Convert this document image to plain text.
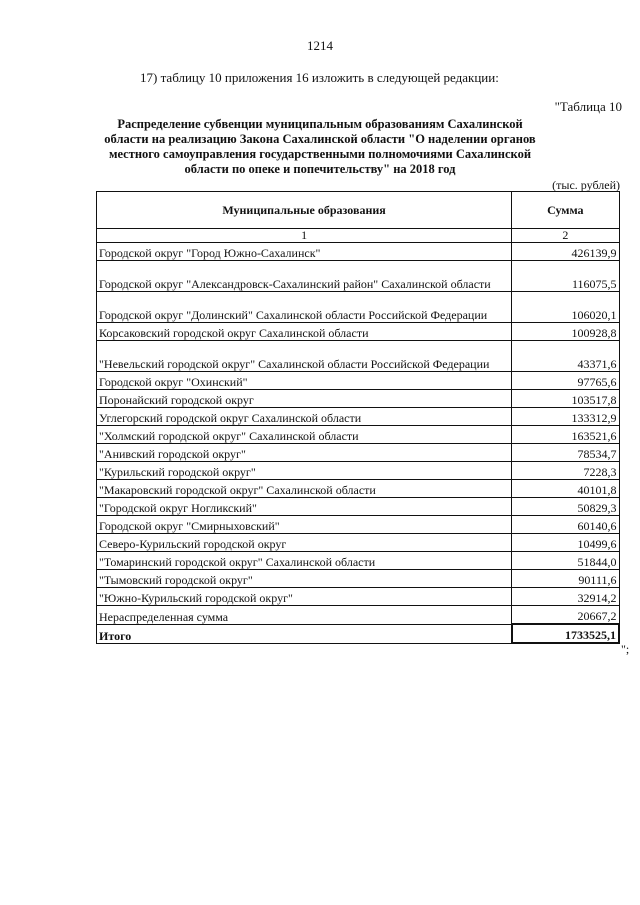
1214
17) таблицу 10 приложения 16 изложить в следующей редакции:
"Таблица 10
Распределение субвенции муниципальным образованиям Сахалинской области на реализацию Закона Сахалинской области "О наделении органов местного самоуправления государственными полномочиями Сахалинской области по опеке и попечительству" на 2018 год
(тыс. рублей)
Муниципальные образования	Сумма
1	2
Городской округ "Город Южно-Сахалинск"	426139,9
Городской округ "Александровск-Сахалинский район" Сахалинской области	116075,5
Городской округ "Долинский" Сахалинской области Российской Федерации	106020,1
Корсаковский городской округ Сахалинской области	100928,8
"Невельский городской округ" Сахалинской области Российской Федерации	43371,6
Городской округ "Охинский"	97765,6
Поронайский городской округ	103517,8
Углегорский городской округ Сахалинской области	133312,9
"Холмский городской округ" Сахалинской области	163521,6
"Анивский городской округ"	78534,7
"Курильский городской округ"	7228,3
"Макаровский городской округ" Сахалинской области	40101,8
"Городской округ Ногликский"	50829,3
Городской округ "Смирныховский"	60140,6
Северо-Курильский городской округ	10499,6
"Томаринский городской округ" Сахалинской области	51844,0
"Тымовский городской округ"	90111,6
"Южно-Курильский городской округ"	32914,2
Нераспределенная сумма	20667,2
Итого	1733525,1
";
